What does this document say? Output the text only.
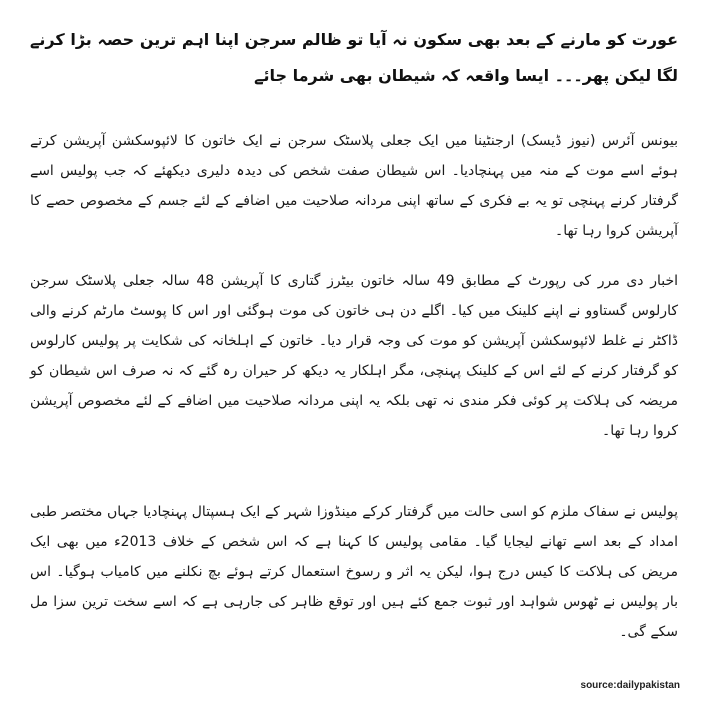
عورت کو مارنے کے بعد بھی سکون نہ آیا تو ظالم سرجن اپنا اہم ترین حصہ بڑا کرنے لگا لیکن پھر۔۔۔ ایسا واقعہ کہ شیطان بھی شرما جائے

بیونس آئرس (نیوز ڈیسک) ارجنٹینا میں ایک جعلی پلاسٹک سرجن نے ایک خاتون کا لائپوسکشن آپریشن کرتے ہوئے اسے موت کے منہ میں پہنچادیا۔ اس شیطان صفت شخص کی دیدہ دلیری دیکھئے کہ جب پولیس اسے گرفتار کرنے پہنچی تو یہ بے فکری کے ساتھ اپنی مردانہ صلاحیت میں اضافے کے لئے جسم کے مخصوص حصے کا آپریشن کروا رہا تھا۔

اخبار دی مرر کی رپورٹ کے مطابق 49 سالہ خاتون بیٹرز گتاری کا آپریشن 48 سالہ جعلی پلاسٹک سرجن کارلوس گستاوو نے اپنے کلینک میں کیا۔ اگلے دن ہی خاتون کی موت ہوگئی اور اس کا پوسٹ مارٹم کرنے والی ڈاکٹر نے غلط لائپوسکشن آپریشن کو موت کی وجہ قرار دیا۔ خاتون کے اہلخانہ کی شکایت پر پولیس کارلوس کو گرفتار کرنے کے لئے اس کے کلینک پہنچی، مگر اہلکار یہ دیکھ کر حیران رہ گئے کہ نہ صرف اس شیطان کو مریضہ کی ہلاکت پر کوئی فکر مندی نہ تھی بلکہ یہ اپنی مردانہ صلاحیت میں اضافے کے لئے مخصوص آپریشن کروا رہا تھا۔

پولیس نے سفاک ملزم کو اسی حالت میں گرفتار کرکے مینڈوزا شہر کے ایک ہسپتال پہنچادیا جہاں مختصر طبی امداد کے بعد اسے تھانے لیجایا گیا۔ مقامی پولیس کا کہنا ہے کہ اس شخص کے خلاف 2013ء میں بھی ایک مریض کی ہلاکت کا کیس درج ہوا، لیکن یہ اثر و رسوخ استعمال کرتے ہوئے بچ نکلنے میں کامیاب ہوگیا۔ اس بار پولیس نے ٹھوس شواہد اور ثبوت جمع کئے ہیں اور توقع ظاہر کی جارہی ہے کہ اسے سخت ترین سزا مل سکے گی۔

source:dailypakistan
